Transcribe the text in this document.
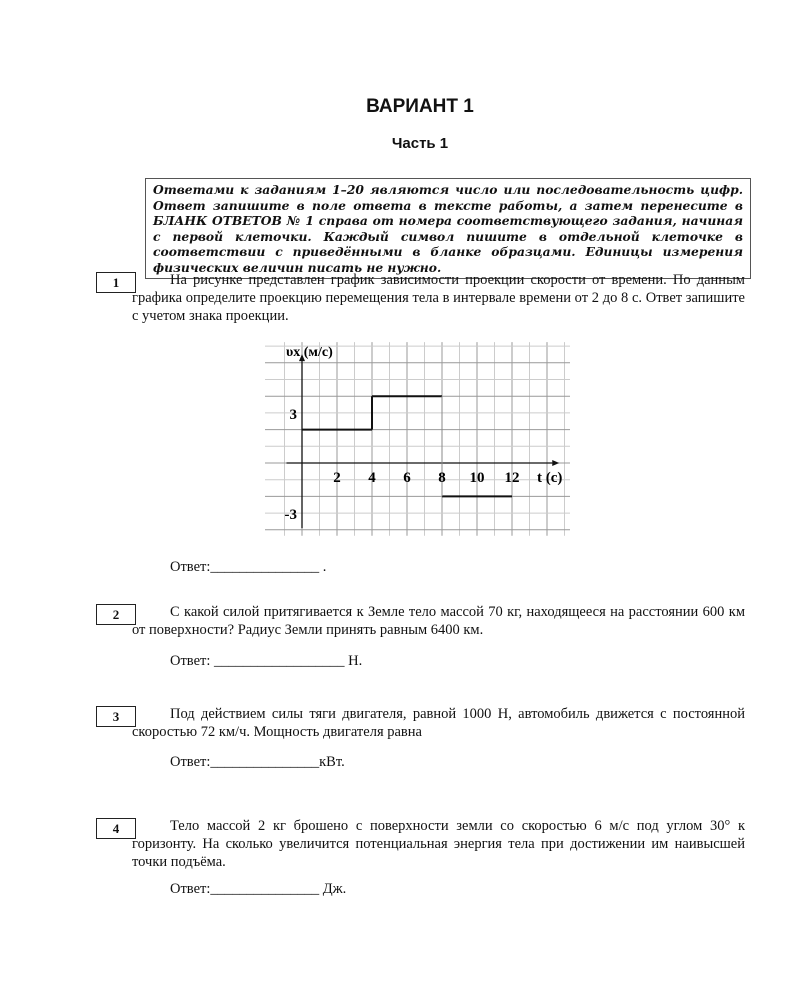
ВАРИАНТ 1
Часть 1
Ответами к заданиям 1–20 являются число или последовательность цифр. Ответ запишите в поле ответа в тексте работы, а затем перенесите в БЛАНК ОТВЕТОВ № 1 справа от номера соответствующего задания, начиная с первой клеточки. Каждый символ пишите в отдельной клеточке в соответствии с приведёнными в бланке образцами. Единицы измерения физических величин писать не нужно.
1	На рисунке представлен график зависимости проекции скорости от времени. По данным графика определите проекцию перемещения тела в интервале времени от 2 до 8 с. Ответ запишите с учетом знака проекции.
2 4 6 8 10 12
3
-3
t (с)
υx (м/с)
Ответ:_______________ .
2	С какой силой притягивается к Земле тело массой 70 кг, находящееся на расстоянии 600 км от поверхности? Радиус Земли принять равным 6400 км.
Ответ: __________________ Н.
3	Под действием силы тяги двигателя, равной 1000 Н, автомобиль движется с постоянной скоростью 72 км/ч. Мощность двигателя равна
Ответ:_______________кВт.
4	Тело массой 2 кг брошено с поверхности земли со скоростью 6 м/с под углом 30° к горизонту. На сколько увеличится потенциальная энергия тела при достижении им наивысшей точки подъёма.
Ответ:_______________ Дж.
